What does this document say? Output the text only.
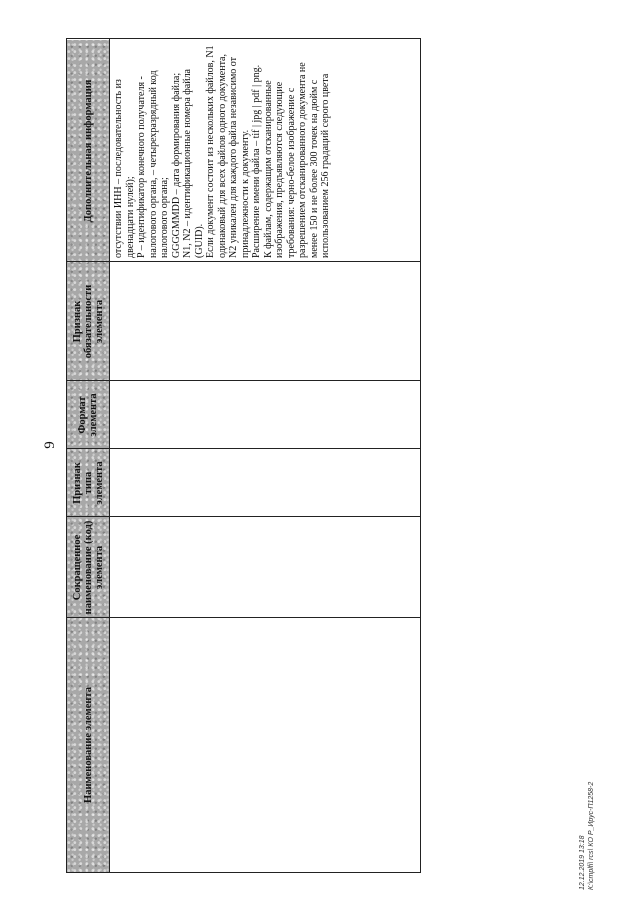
9
Наименование элемента
Сокращенное наименование (код) элемента
Признак типа элемента
Формат элемента
Признак обязательности элемента
Дополнительная информация	отсутствии ИНН – последовательность из двенадцати нулей); P – идентификатор конечного получателя - налогового органа, – четырехразрядный код налогового органа; GGGGMMDD – дата формирования файла; N1, N2 – идентификационные номера файла (GUID). Если документ состоит из нескольких файлов, N1 одинаковый для всех файлов одного документа, N2 уникален для каждого файла независимо от принадлежности к документу. Расширение имени файла – tif | jpg | pdf | png. К файлам, содержащим отсканированные изображения, предъявляются следующие требования: черно-белое изображение с разрешением отсканированного документа не менее 150 и не более 300 точек на дюйм с использованием 256 градаций серого цвета

12.12.2019 13:18 К:\cmplfi\ rcs\ КО Р_Ирус-П1258-2
